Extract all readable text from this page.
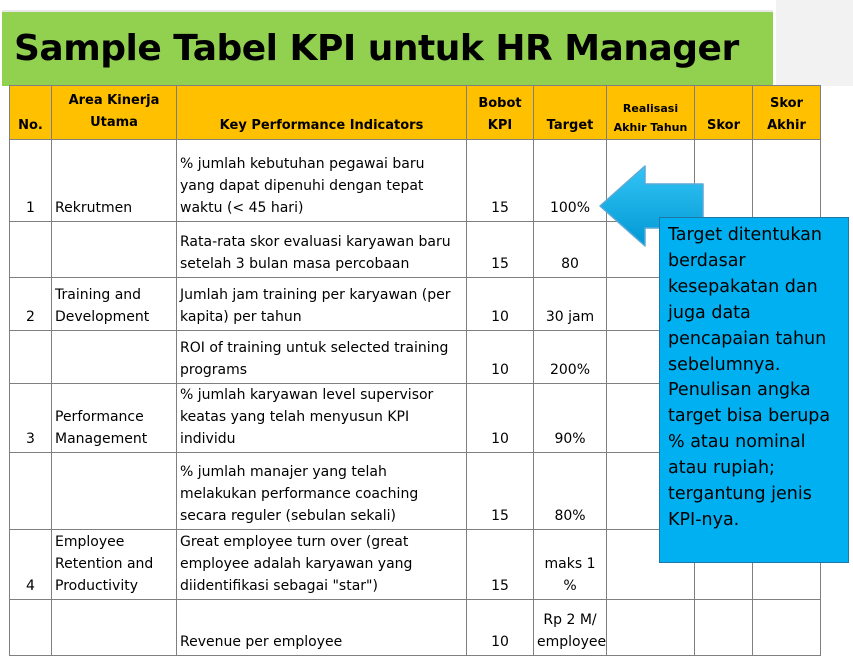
Sample Tabel KPI untuk HR Manager
No.	Area Kinerja Utama	Key Performance Indicators	Bobot KPI	Target	Realisasi Akhir Tahun	Skor	Skor Akhir
1	Rekrutmen	% jumlah kebutuhan pegawai baru yang dapat dipenuhi dengan tepat waktu (< 45 hari)	15	100%			
		Rata-rata skor evaluasi karyawan baru setelah 3 bulan masa percobaan	15	80			
2	Training and Development	Jumlah jam training per karyawan (per kapita) per tahun	10	30 jam			
		ROI of training untuk selected training programs	10	200%			
3	Performance Management	% jumlah karyawan level supervisor keatas yang telah menyusun KPI individu	10	90%			
		% jumlah manajer yang telah melakukan performance coaching secara reguler (sebulan sekali)	15	80%			
4	Employee Retention and Productivity	Great employee turn over (great employee adalah karyawan yang diidentifikasi sebagai "star")	15	maks 1 %			
		Revenue per employee	10	Rp 2 M/ employee			
Target ditentukan berdasar kesepakatan dan juga data pencapaian tahun sebelumnya. Penulisan angka target bisa berupa % atau nominal atau rupiah; tergantung jenis KPI-nya.
